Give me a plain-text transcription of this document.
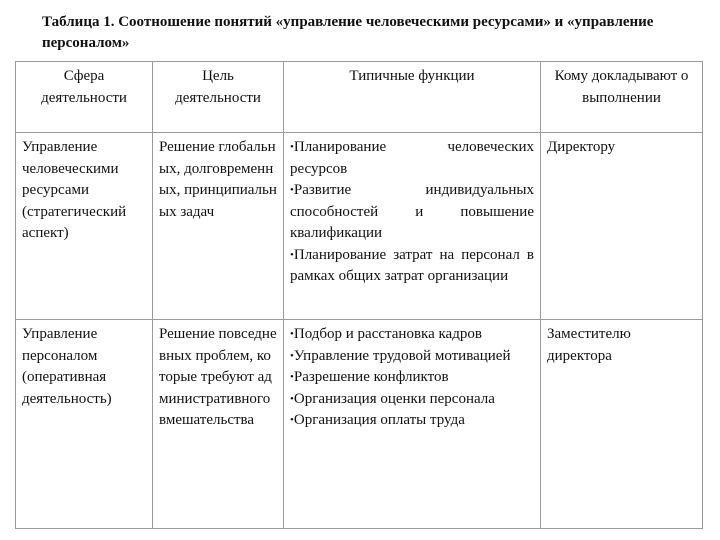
Таблица 1. Соотношение понятий «управление человеческими ресурсами» и «управление персоналом»
Сфера деятельности	Цель деятельности	Типичные функции	Кому докладывают о выполнении
Управление человеческими ресурсами (стратегический аспект)	Решение глобальных, долговременных, принципиальных задач	•Планирование человеческих ресурсов
•Развитие индивидуальных способностей и повышение квалификации
•Планирование затрат на персонал в рамках общих затрат организации	Директору
Управление персоналом (оперативная деятельность)	Решение повседневных проблем, которые требуют административного вмешательства	•Подбор и расстановка кадров
•Управление трудовой мотивацией
•Разрешение конфликтов
•Организация оценки персонала
•Организация оплаты труда	Заместителю директора
